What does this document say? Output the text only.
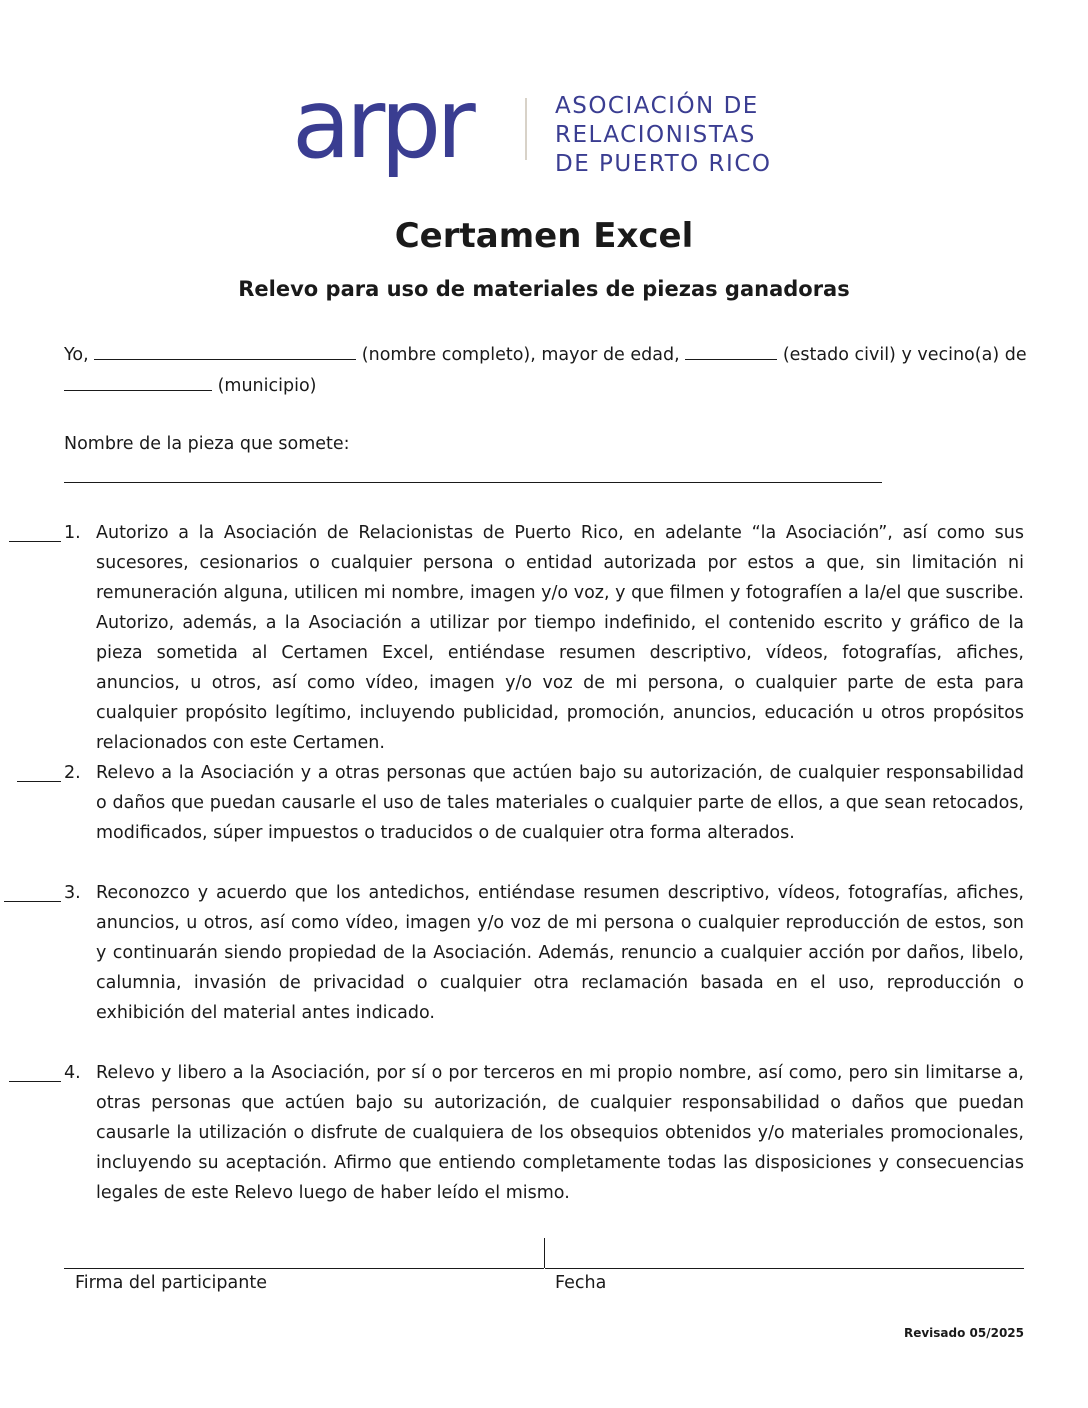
arpr	ASOCIACIÓN DE
RELACIONISTAS
DE PUERTO RICO
Certamen Excel
Relevo para uso de materiales de piezas ganadoras
Yo,	(nombre completo), mayor de edad,	(estado civil) y vecino(a) de
(municipio)
Nombre de la pieza que somete:
1. Autorizo a la Asociación de Relacionistas de Puerto Rico, en adelante “la Asociación”, así como sus sucesores, cesionarios o cualquier persona o entidad autorizada por estos a que, sin limitación ni remuneración alguna, utilicen mi nombre, imagen y/o voz, y que filmen y fotografíen a la/el que suscribe. Autorizo, además, a la Asociación a utilizar por tiempo indefinido, el contenido escrito y gráfico de la pieza sometida al Certamen Excel, entiéndase resumen descriptivo, vídeos, fotografías, afiches, anuncios, u otros, así como vídeo, imagen y/o voz de mi persona, o cualquier parte de esta para cualquier propósito legítimo, incluyendo publicidad, promoción, anuncios, educación u otros propósitos relacionados con este Certamen.
2. Relevo a la Asociación y a otras personas que actúen bajo su autorización, de cualquier responsabilidad o daños que puedan causarle el uso de tales materiales o cualquier parte de ellos, a que sean retocados, modificados, súper impuestos o traducidos o de cualquier otra forma alterados.
3. Reconozco y acuerdo que los antedichos, entiéndase resumen descriptivo, vídeos, fotografías, afiches, anuncios, u otros, así como vídeo, imagen y/o voz de mi persona o cualquier reproducción de estos, son y continuarán siendo propiedad de la Asociación. Además, renuncio a cualquier acción por daños, libelo, calumnia, invasión de privacidad o cualquier otra reclamación basada en el uso, reproducción o exhibición del material antes indicado.
4. Relevo y libero a la Asociación, por sí o por terceros en mi propio nombre, así como, pero sin limitarse a, otras personas que actúen bajo su autorización, de cualquier responsabilidad o daños que puedan causarle la utilización o disfrute de cualquiera de los obsequios obtenidos y/o materiales promocionales, incluyendo su aceptación. Afirmo que entiendo completamente todas las disposiciones y consecuencias legales de este Relevo luego de haber leído el mismo.
Firma del participante	Fecha
Revisado 05/2025
